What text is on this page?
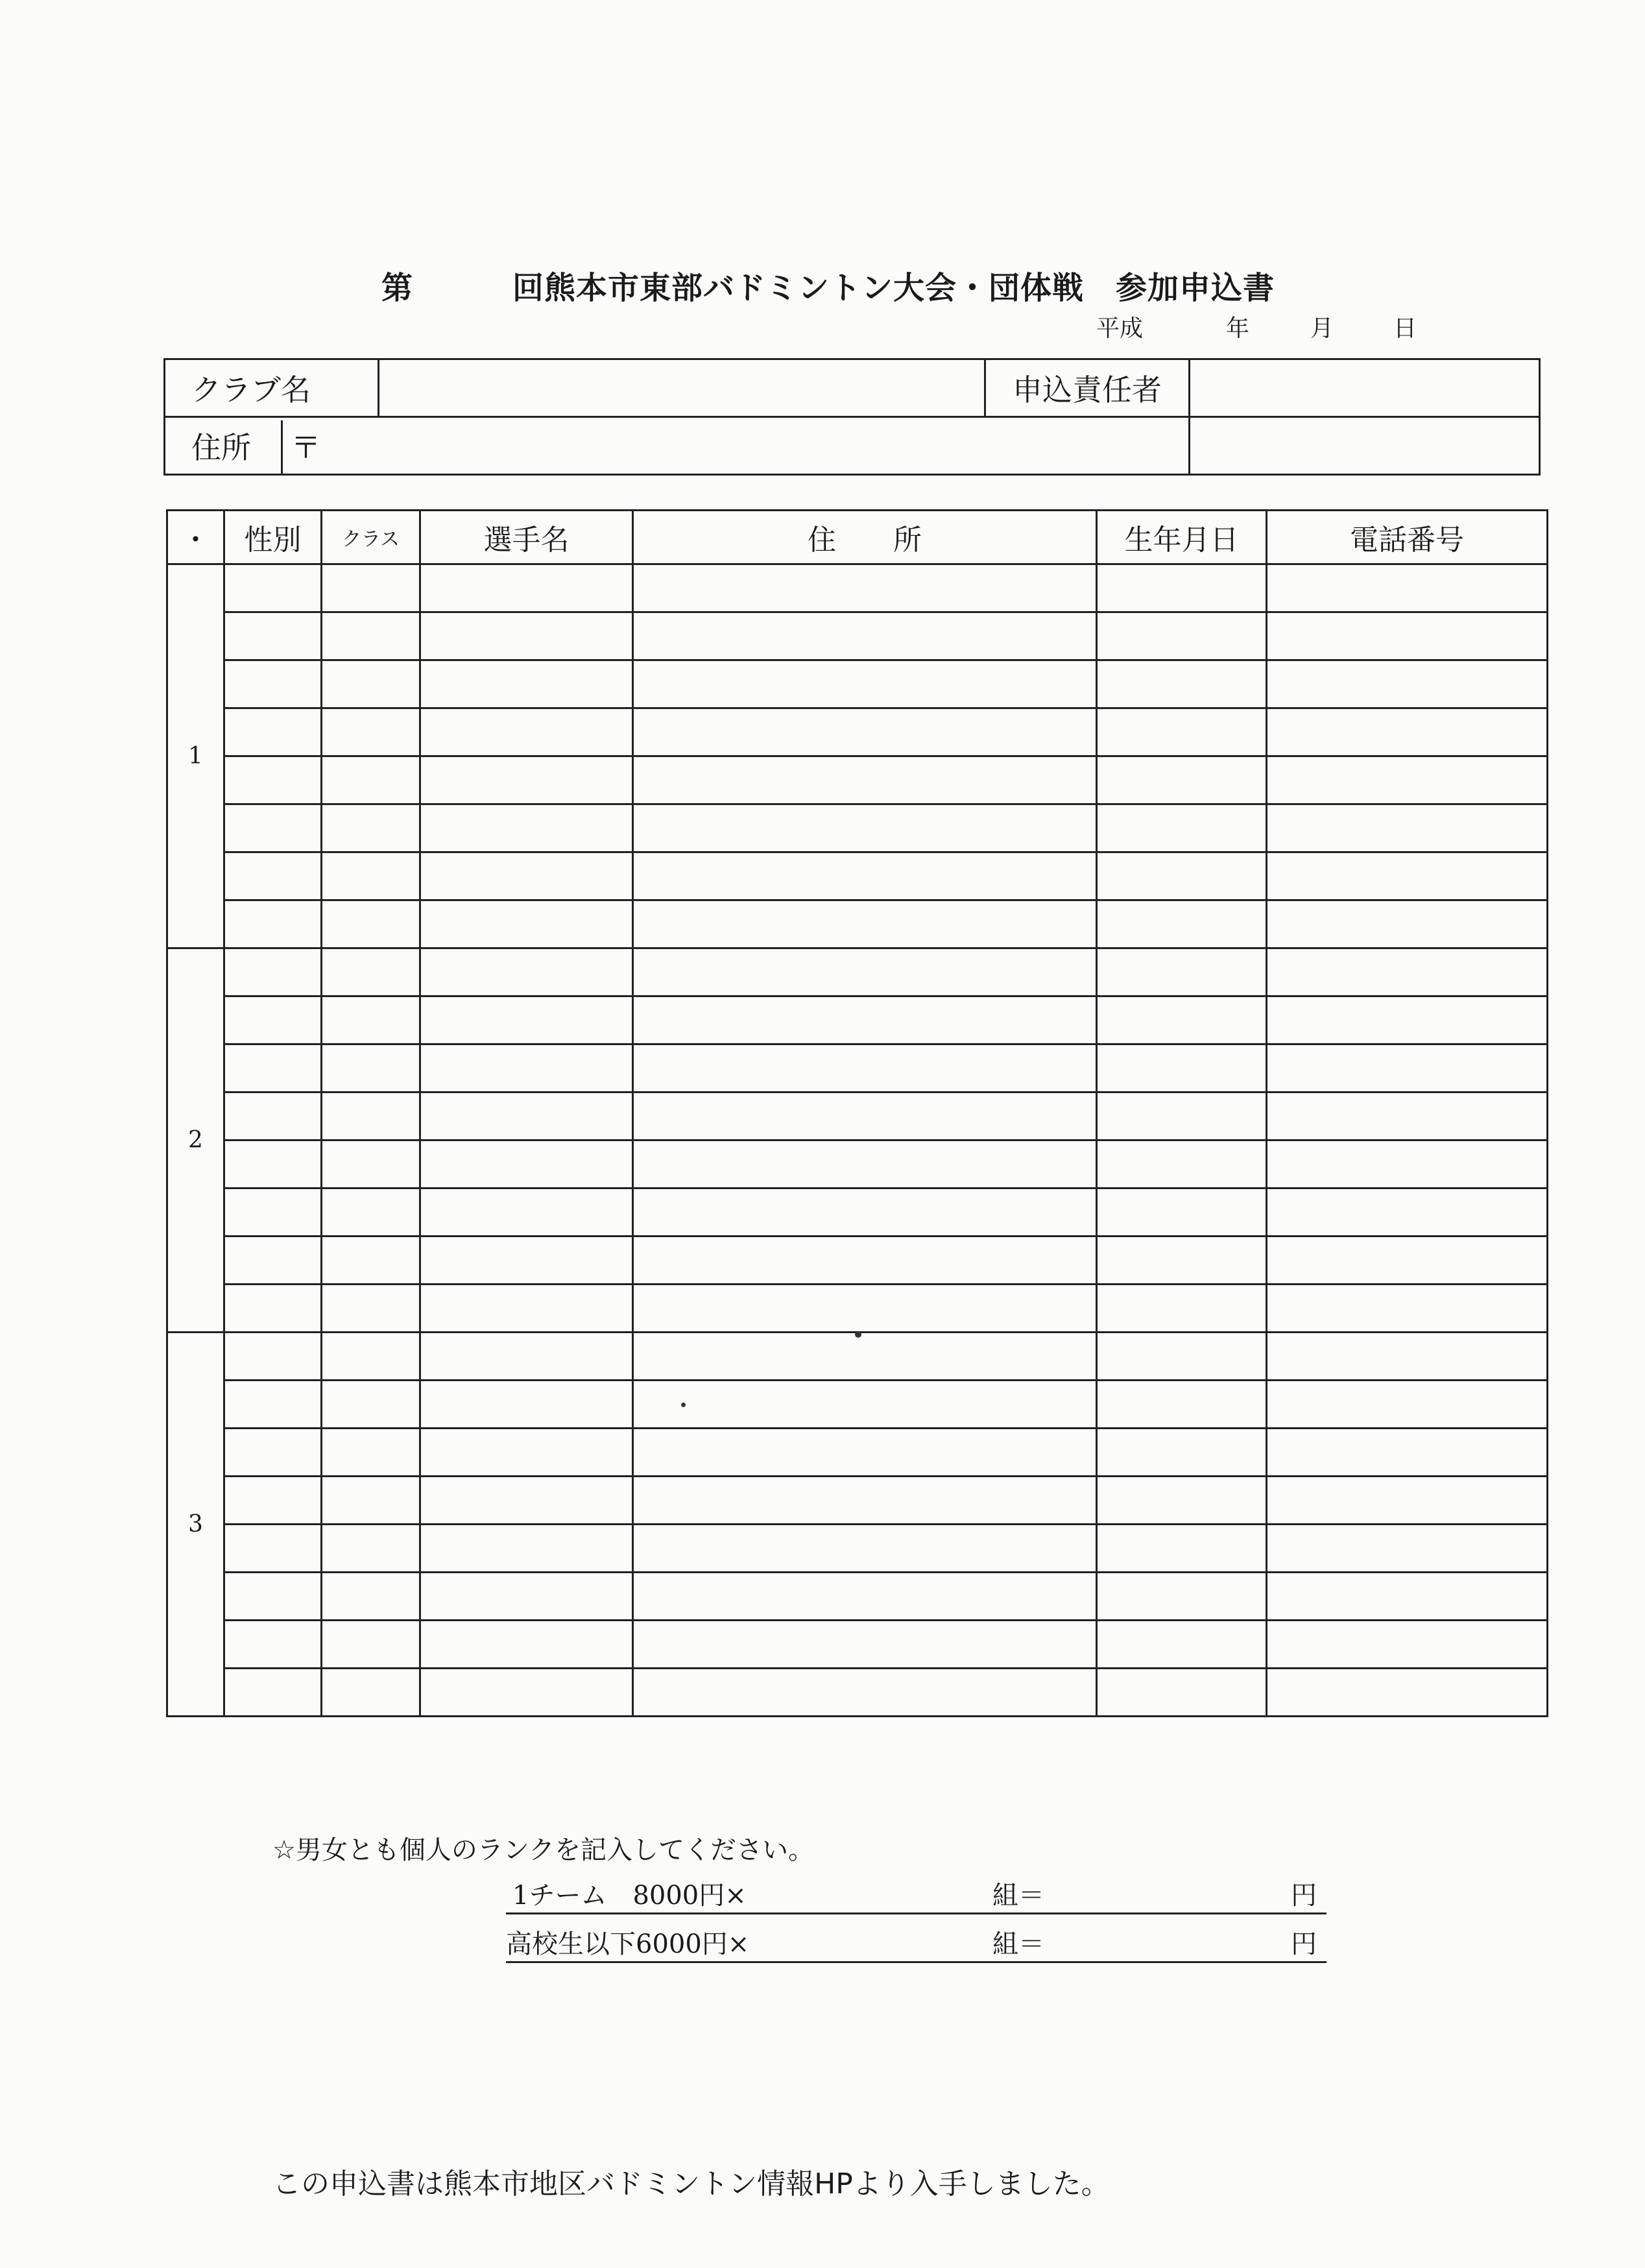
第	回熊本市東部バドミントン大会・団体戦　参加申込書
平成	年	月	日
クラブ名		申込責任者	
住所	〒		
・	性別	クラス	選手名	住　　所	生年月日	電話番号
1						

2						

3						

☆男女とも個人のランクを記入してください。
1チーム　8000円×	組＝	円
高校生以下6000円×	組＝	円
この申込書は熊本市地区バドミントン情報HPより入手しました。
